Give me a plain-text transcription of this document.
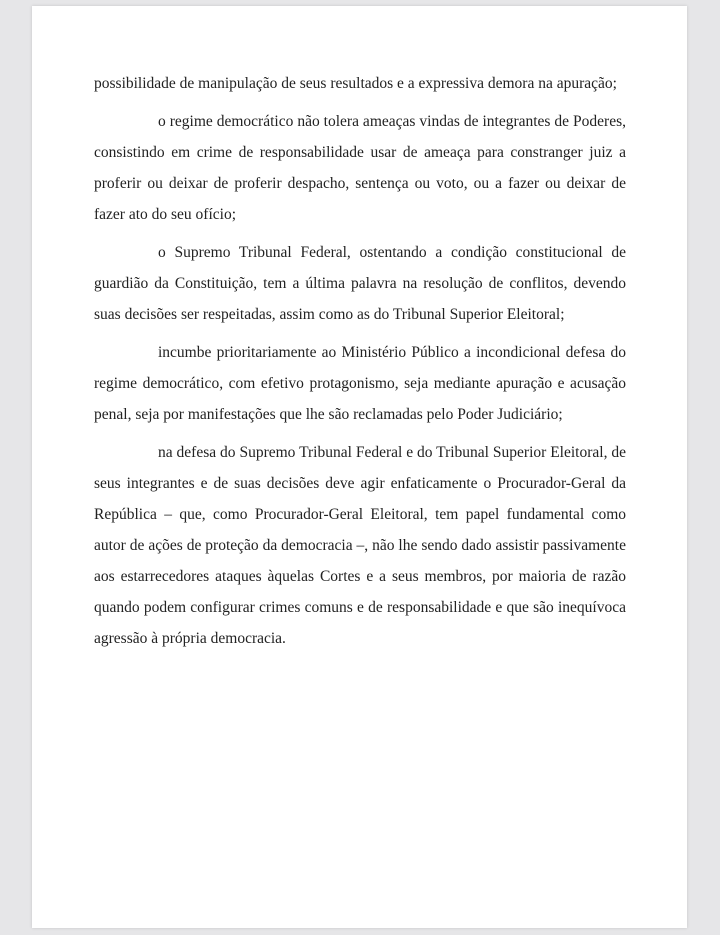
possibilidade de manipulação de seus resultados e a expressiva demora na apuração;

o regime democrático não tolera ameaças vindas de integrantes de Poderes, consistindo em crime de responsabilidade usar de ameaça para constranger juiz a proferir ou deixar de proferir despacho, sentença ou voto, ou a fazer ou deixar de fazer ato do seu ofício;

o Supremo Tribunal Federal, ostentando a condição constitucional de guardião da Constituição, tem a última palavra na resolução de conflitos, devendo suas decisões ser respeitadas, assim como as do Tribunal Superior Eleitoral;

incumbe prioritariamente ao Ministério Público a incondicional defesa do regime democrático, com efetivo protagonismo, seja mediante apuração e acusação penal, seja por manifestações que lhe são reclamadas pelo Poder Judiciário;

na defesa do Supremo Tribunal Federal e do Tribunal Superior Eleitoral, de seus integrantes e de suas decisões deve agir enfaticamente o Procurador-Geral da República – que, como Procurador-Geral Eleitoral, tem papel fundamental como autor de ações de proteção da democracia –, não lhe sendo dado assistir passivamente aos estarrecedores ataques àquelas Cortes e a seus membros, por maioria de razão quando podem configurar crimes comuns e de responsabilidade e que são inequívoca agressão à própria democracia.
